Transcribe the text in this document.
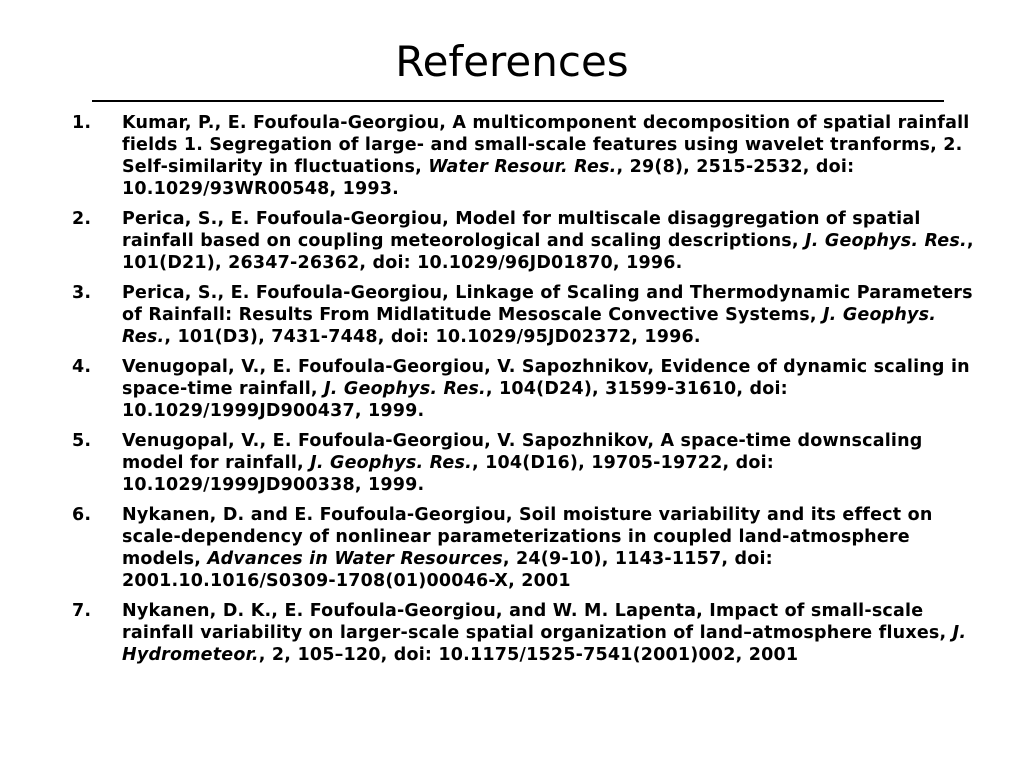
References
1.	Kumar, P., E. Foufoula-Georgiou, A multicomponent decomposition of spatial rainfall fields 1. Segregation of large- and small-scale features using wavelet tranforms, 2. Self-similarity in fluctuations, Water Resour. Res., 29(8), 2515-2532, doi: 10.1029/93WR00548, 1993.
2.	Perica, S., E. Foufoula-Georgiou, Model for multiscale disaggregation of spatial rainfall based on coupling meteorological and scaling descriptions, J. Geophys. Res., 101(D21), 26347-26362, doi: 10.1029/96JD01870, 1996.
3.	Perica, S., E. Foufoula-Georgiou, Linkage of Scaling and Thermodynamic Parameters of Rainfall: Results From Midlatitude Mesoscale Convective Systems, J. Geophys. Res., 101(D3), 7431-7448, doi: 10.1029/95JD02372, 1996.
4.	Venugopal, V., E. Foufoula-Georgiou, V. Sapozhnikov, Evidence of dynamic scaling in space-time rainfall, J. Geophys. Res., 104(D24), 31599-31610, doi: 10.1029/1999JD900437, 1999.
5.	Venugopal, V., E. Foufoula-Georgiou, V. Sapozhnikov, A space-time downscaling model for rainfall, J. Geophys. Res., 104(D16), 19705-19722, doi: 10.1029/1999JD900338, 1999.
6.	Nykanen, D. and E. Foufoula-Georgiou, Soil moisture variability and its effect on scale-dependency of nonlinear parameterizations in coupled land-atmosphere models, Advances in Water Resources, 24(9-10), 1143-1157, doi: 2001.10.1016/S0309-1708(01)00046-X, 2001
7.	Nykanen, D. K., E. Foufoula-Georgiou, and W. M. Lapenta, Impact of small-scale rainfall variability on larger-scale spatial organization of land–atmosphere fluxes, J. Hydrometeor., 2, 105–120, doi: 10.1175/1525-7541(2001)002, 2001
